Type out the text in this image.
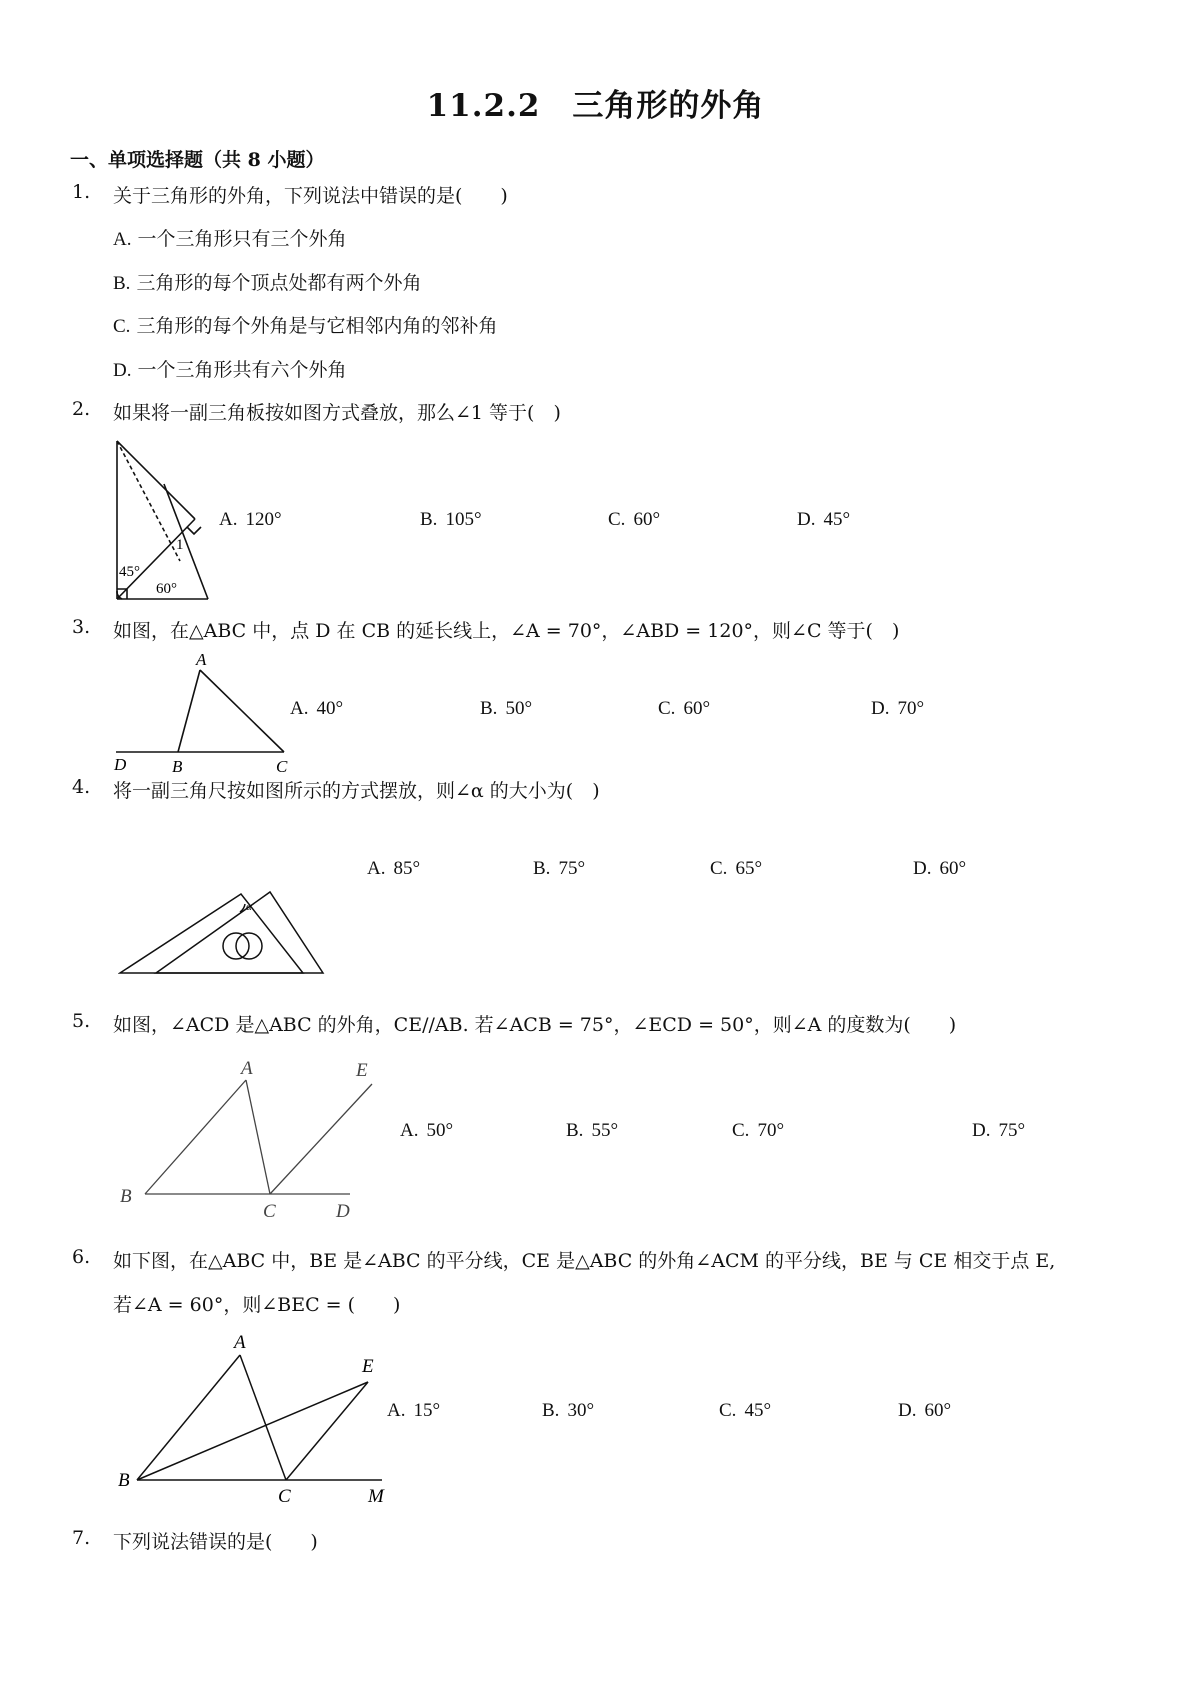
11.2.2　三角形的外角
一、单项选择题（共 8 小题）
1. 关于三角形的外角，下列说法中错误的是(　　)
A. 一个三角形只有三个外角
B. 三角形的每个顶点处都有两个外角
C. 三角形的每个外角是与它相邻内角的邻补角
D. 一个三角形共有六个外角
2. 如果将一副三角板按如图方式叠放，那么∠1 等于(　)
45°
60°
1
A. 120°	B. 105°	C. 60°	D. 45°
3. 如图，在△ABC 中，点 D 在 CB 的延长线上，∠A = 70°，∠ABD = 120°，则∠C 等于(　)
A
B	C
D
A. 40°	B. 50°	C. 60°	D. 70°
4. 将一副三角尺按如图所示的方式摆放，则∠α 的大小为(　)
α
A. 85°	B. 75°	C. 65°	D. 60°
5. 如图，∠ACD 是△ABC 的外角，CE//AB. 若∠ACB = 75°，∠ECD = 50°，则∠A 的度数为(　　)
A
B
C	D
E
A. 50°	B. 55°	C. 70°	D. 75°
6. 如下图，在△ABC 中，BE 是∠ABC 的平分线，CE 是△ABC 的外角∠ACM 的平分线，BE 与 CE 相交于点 E,
若∠A = 60°，则∠BEC = (　　)
A
B
C
E
M
A. 15°	B. 30°	C. 45°	D. 60°
7. 下列说法错误的是(　　)
